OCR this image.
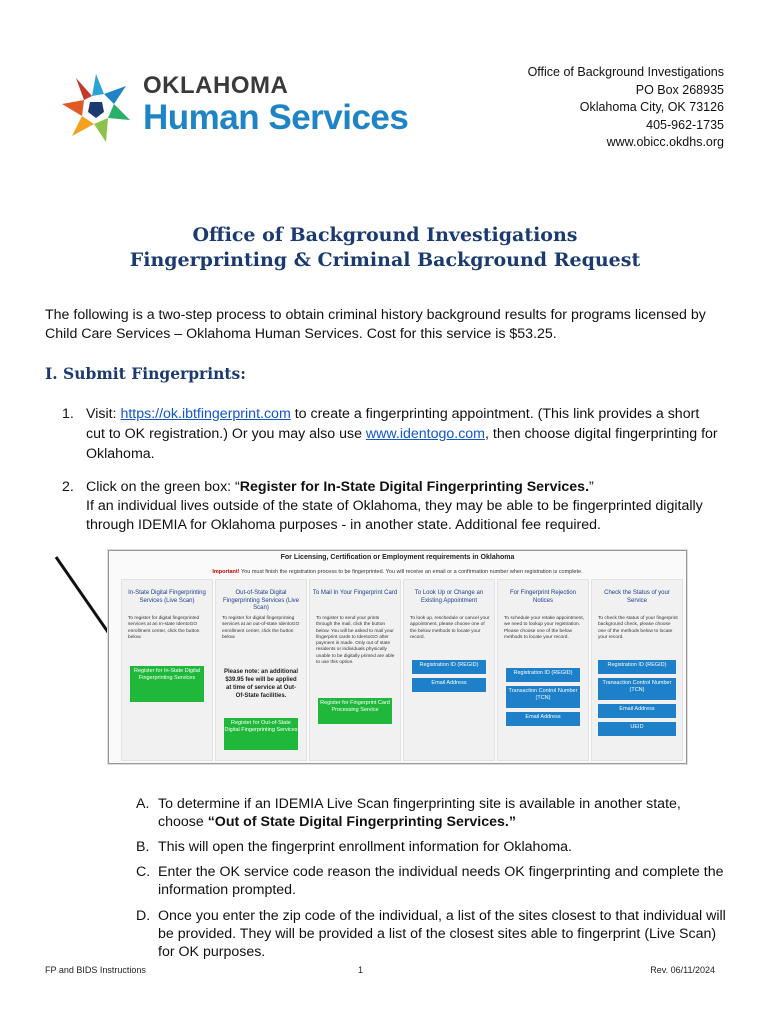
OKLAHOMA
Human Services
Office of Background Investigations
PO Box 268935
Oklahoma City, OK 73126
405-962-1735
www.obicc.okdhs.org
Office of Background Investigations
Fingerprinting & Criminal Background Request
The following is a two-step process to obtain criminal history background results for programs licensed by Child Care Services – Oklahoma Human Services. Cost for this service is $53.25.
I. Submit Fingerprints:
1. Visit: https://ok.ibtfingerprint.com to create a fingerprinting appointment. (This link provides a short cut to OK registration.) Or you may also use www.identogo.com, then choose digital fingerprinting for Oklahoma.
2. Click on the green box: “Register for In-State Digital Fingerprinting Services.”
If an individual lives outside of the state of Oklahoma, they may be able to be fingerprinted digitally through IDEMIA for Oklahoma purposes - in another state. Additional fee required.
For Licensing, Certification or Employment requirements in Oklahoma
Important! You must finish the registration process to be fingerprinted. You will receive an email or a confirmation number when registration is complete.
In-State Digital Fingerprinting Services (Live Scan)
To register for digital fingerprinted services at an In-state IdentoGO enrollment center, click the button below.
Register for In-State Digital Fingerprinting Services
Out-of-State Digital Fingerprinting Services (Live Scan)
To register for digital fingerprinting services at an out-of-state IdentoGO enrollment center, click the button below.
Please note: an additional $39.95 fee will be applied at time of service at Out-Of-State facilities.
Register for Out-of-State Digital Fingerprinting Services
To Mail In Your Fingerprint Card
To register to send your prints through the mail, click the button below. You will be asked to mail your fingerprint cards to IdentoGO after payment is made. Only out of state residents or individuals physically unable to be digitally printed are able to use this option.
Register for Fingerprint Card Processing Service
To Look Up or Change an Existing Appointment
To look up, reschedule or cancel your appointment, please choose one of the below methods to locate your record.
Registration ID (REGID)
Email Address
For Fingerprint Rejection Notices
To schedule your retake appointment, we need to lookup your registration. Please choose one of the below methods to locate your record.
Registration ID (REGID)
Transaction Control Number (TCN)
Email Address
Check the Status of your Service
To check the status of your fingerprint background check, please choose one of the methods below to locate your record.
Registration ID (REGID)
Transaction Control Number (TCN)
Email Address
UEID
A. To determine if an IDEMIA Live Scan fingerprinting site is available in another state, choose “Out of State Digital Fingerprinting Services.”
B. This will open the fingerprint enrollment information for Oklahoma.
C. Enter the OK service code reason the individual needs OK fingerprinting and complete the information prompted.
D. Once you enter the zip code of the individual, a list of the sites closest to that individual will be provided. They will be provided a list of the closest sites able to fingerprint (Live Scan) for OK purposes.
FP and BIDS Instructions	1	Rev. 06/11/2024
